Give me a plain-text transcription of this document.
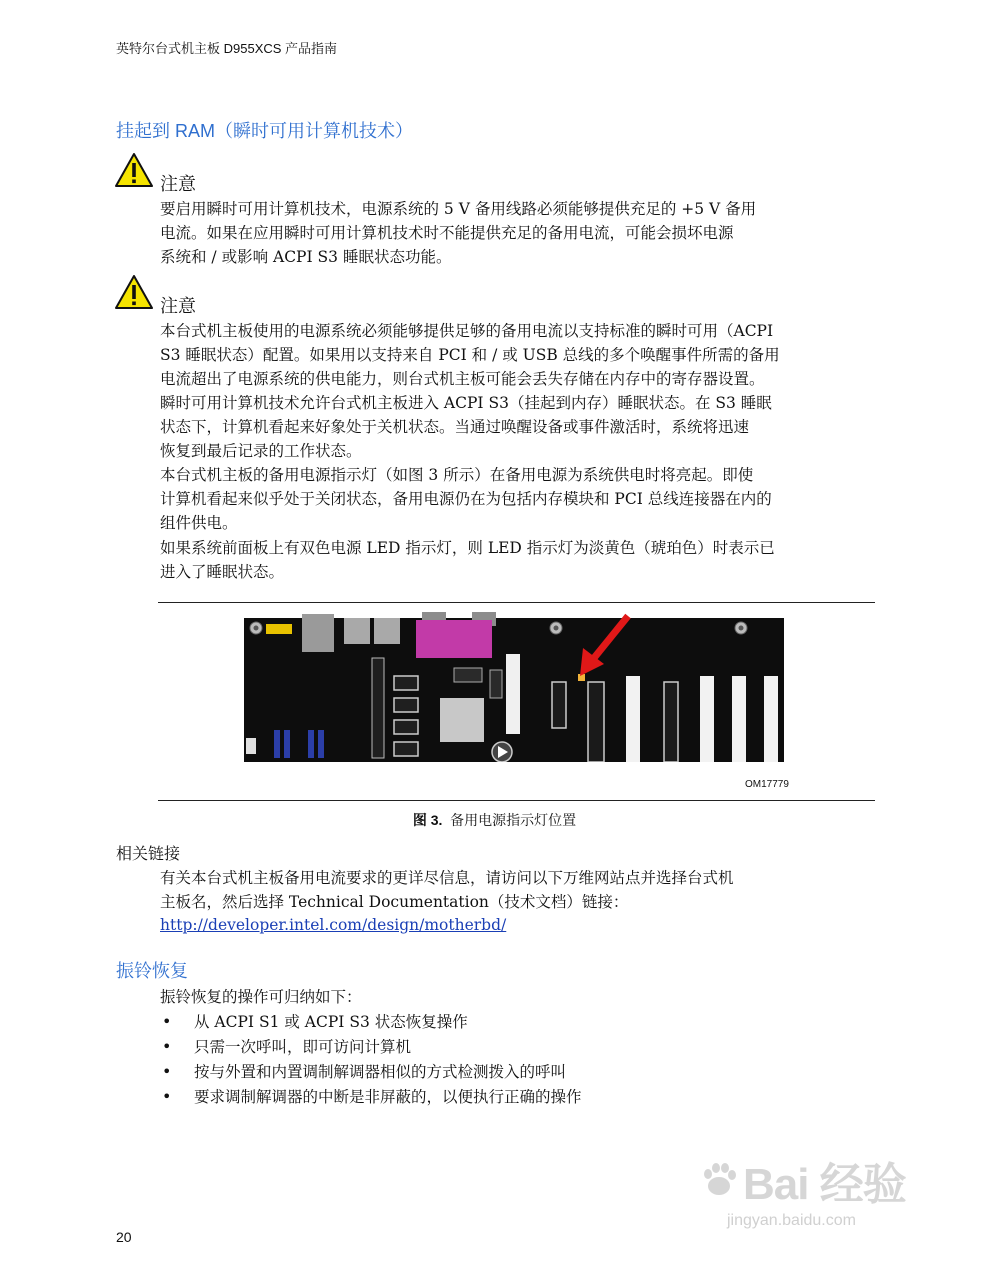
英特尔台式机主板 D955XCS 产品指南
挂起到 RAM（瞬时可用计算机技术）
注意
要启用瞬时可用计算机技术，电源系统的 5 V 备用线路必须能够提供充足的 +5 V 备用
电流。如果在应用瞬时可用计算机技术时不能提供充足的备用电流，可能会损坏电源
系统和 / 或影响 ACPI S3 睡眠状态功能。
注意
本台式机主板使用的电源系统必须能够提供足够的备用电流以支持标准的瞬时可用（ACPI
S3 睡眠状态）配置。如果用以支持来自 PCI 和 / 或 USB 总线的多个唤醒事件所需的备用
电流超出了电源系统的供电能力，则台式机主板可能会丢失存储在内存中的寄存器设置。
瞬时可用计算机技术允许台式机主板进入 ACPI S3（挂起到内存）睡眠状态。在 S3 睡眠
状态下，计算机看起来好象处于关机状态。当通过唤醒设备或事件激活时，系统将迅速
恢复到最后记录的工作状态。
本台式机主板的备用电源指示灯（如图 3 所示）在备用电源为系统供电时将亮起。即使
计算机看起来似乎处于关闭状态，备用电源仍在为包括内存模块和 PCI 总线连接器在内的
组件供电。
如果系统前面板上有双色电源 LED 指示灯，则 LED 指示灯为淡黄色（琥珀色）时表示已
进入了睡眠状态。
OM17779
图 3. 备用电源指示灯位置
相关链接
有关本台式机主板备用电流要求的更详尽信息，请访问以下万维网站点并选择台式机
主板名，然后选择 Technical Documentation（技术文档）链接：
http://developer.intel.com/design/motherbd/
振铃恢复
振铃恢复的操作可归纳如下：
• 从 ACPI S1 或 ACPI S3 状态恢复操作
• 只需一次呼叫，即可访问计算机
• 按与外置和内置调制解调器相似的方式检测拨入的呼叫
• 要求调制解调器的中断是非屏蔽的，以便执行正确的操作
20
Bai 经验
jingyan.baidu.com
